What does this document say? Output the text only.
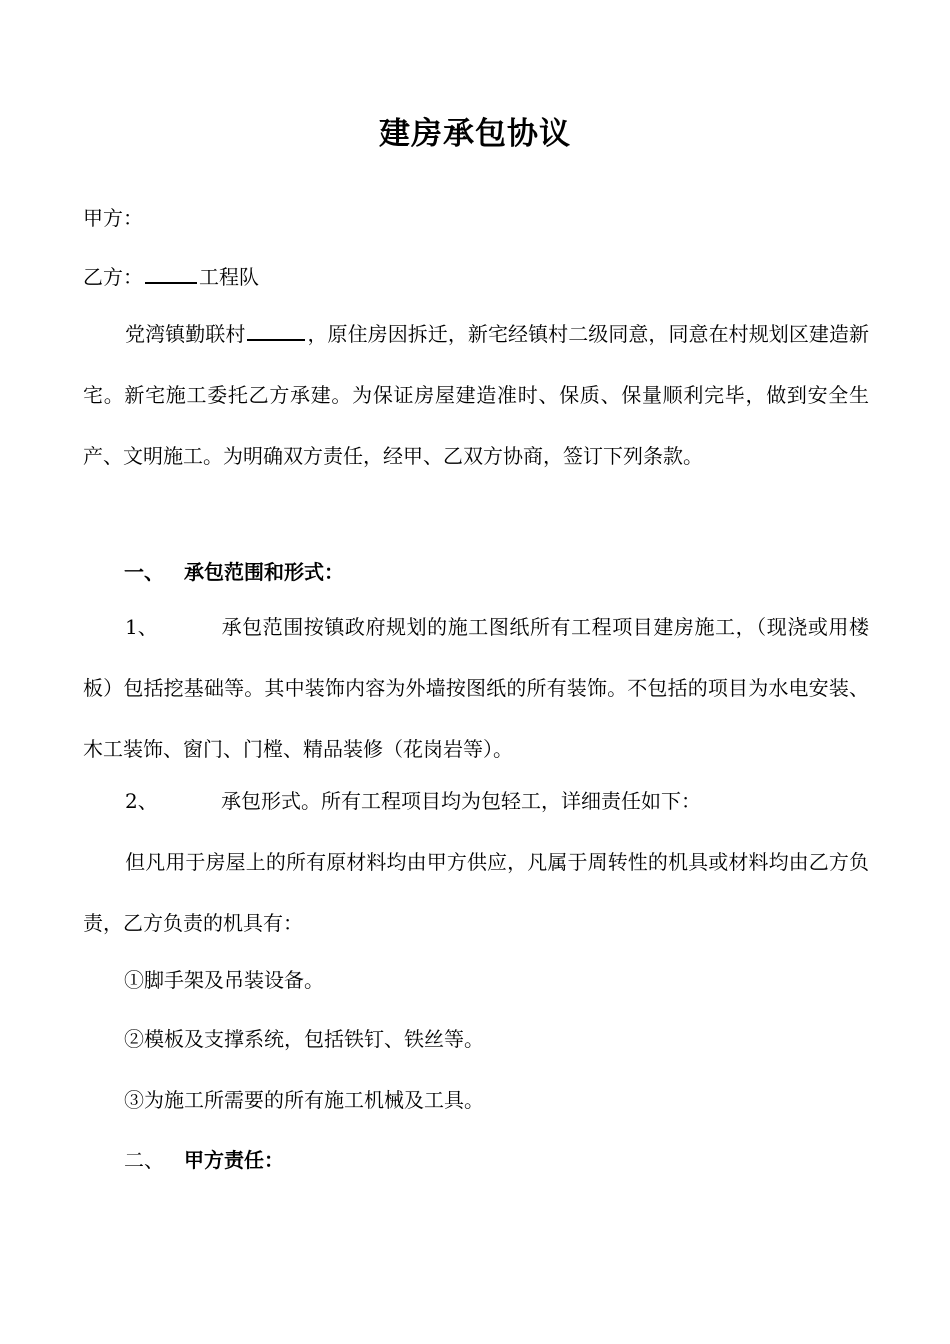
建房承包协议
甲方：
乙方：	工程队
党湾镇勤联村	，原住房因拆迁，新宅经镇村二级同意，同意在村规划区建造新宅。新宅施工委托乙方承建。为保证房屋建造准时、保质、保量顺利完毕，做到安全生产、文明施工。为明确双方责任，经甲、乙双方协商，签订下列条款。
一、 承包范围和形式：
1、	承包范围按镇政府规划的施工图纸所有工程项目建房施工，（现浇或用楼板）包括挖基础等。其中装饰内容为外墙按图纸的所有装饰。不包括的项目为水电安装、木工装饰、窗门、门樘、精品装修（花岗岩等）。
2、	承包形式。所有工程项目均为包轻工，详细责任如下：
但凡用于房屋上的所有原材料均由甲方供应，凡属于周转性的机具或材料均由乙方负责，乙方负责的机具有：
①脚手架及吊装设备。
②模板及支撑系统，包括铁钉、铁丝等。
③为施工所需要的所有施工机械及工具。
二、 甲方责任：
